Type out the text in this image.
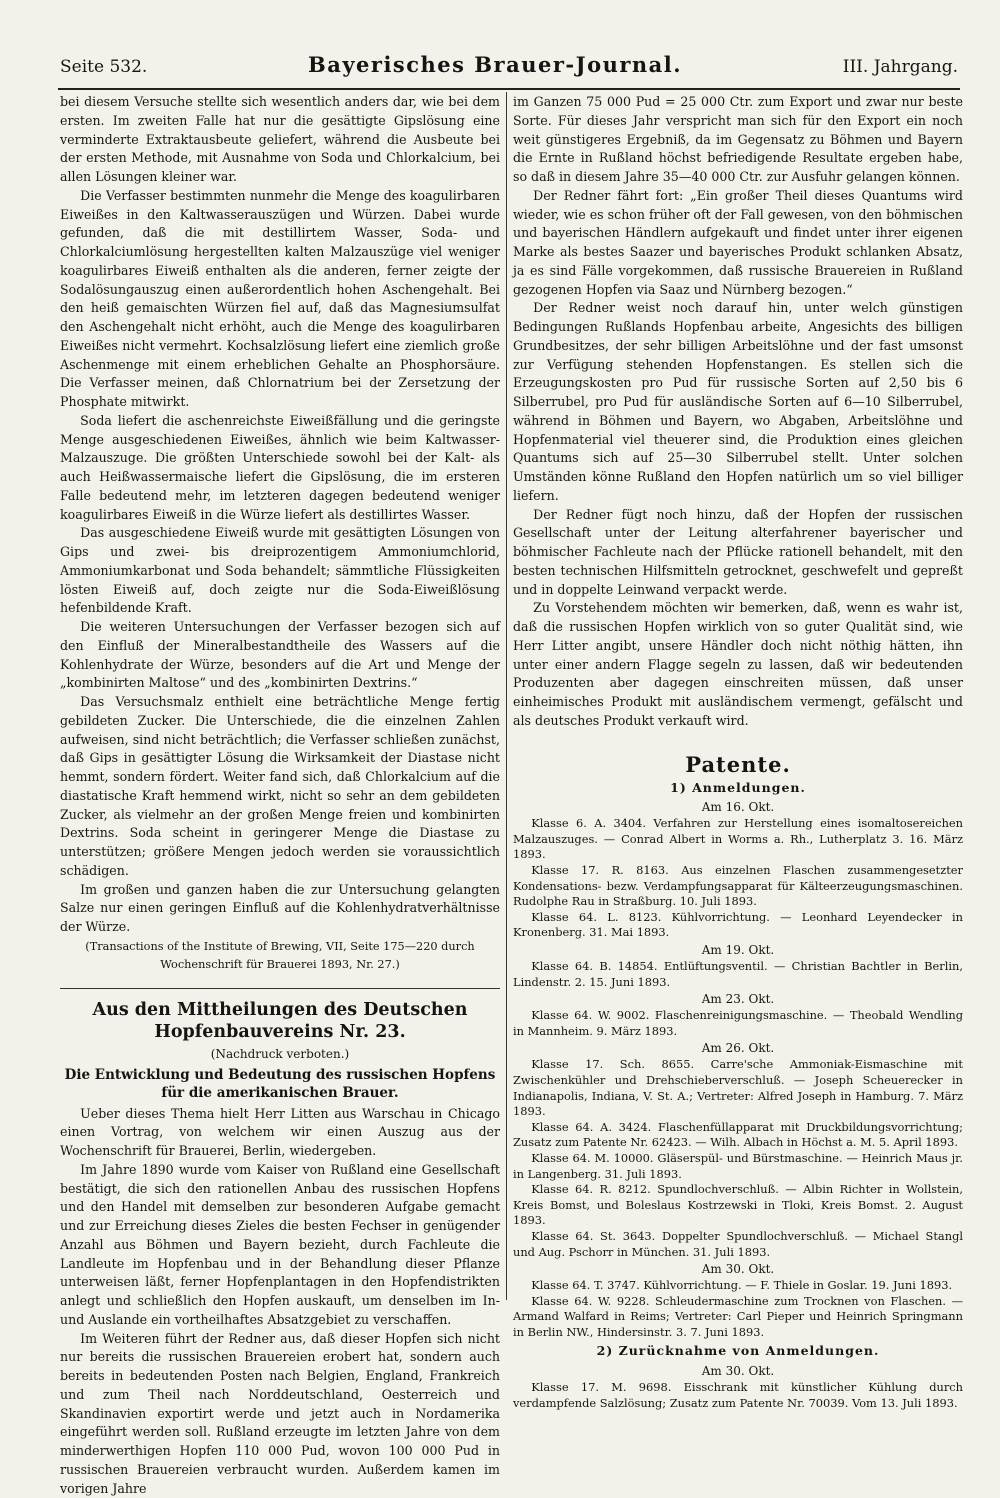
Seite 532.	Bayerisches Brauer-Journal.	III. Jahrgang.

bei diesem Versuche stellte sich wesentlich anders dar, wie bei dem ersten. Im zweiten Falle hat nur die gesättigte Gipslösung eine verminderte Extraktausbeute geliefert, während die Ausbeute bei der ersten Methode, mit Ausnahme von Soda und Chlorkalcium, bei allen Lösungen kleiner war.

Die Verfasser bestimmten nunmehr die Menge des koagulirbaren Eiweißes in den Kaltwasserauszügen und Würzen. Dabei wurde gefunden, daß die mit destillirtem Wasser, Soda- und Chlorkalciumlösung hergestellten kalten Malzauszüge viel weniger koagulirbares Eiweiß enthalten als die anderen, ferner zeigte der Sodalösungauszug einen außerordentlich hohen Aschengehalt. Bei den heiß gemaischten Würzen fiel auf, daß das Magnesiumsulfat den Aschengehalt nicht erhöht, auch die Menge des koagulirbaren Eiweißes nicht vermehrt. Kochsalzlösung liefert eine ziemlich große Aschenmenge mit einem erheblichen Gehalte an Phosphorsäure. Die Verfasser meinen, daß Chlornatrium bei der Zersetzung der Phosphate mitwirkt.

Soda liefert die aschenreichste Eiweißfällung und die geringste Menge ausgeschiedenen Eiweißes, ähnlich wie beim Kaltwasser-Malzauszuge. Die größten Unterschiede sowohl bei der Kalt- als auch Heißwassermaische liefert die Gipslösung, die im ersteren Falle bedeutend mehr, im letzteren dagegen bedeutend weniger koagulirbares Eiweiß in die Würze liefert als destillirtes Wasser.

Das ausgeschiedene Eiweiß wurde mit gesättigten Lösungen von Gips und zwei- bis dreiprozentigem Ammoniumchlorid, Ammoniumkarbonat und Soda behandelt; sämmtliche Flüssigkeiten lösten Eiweiß auf, doch zeigte nur die Soda-Eiweißlösung hefenbildende Kraft.

Die weiteren Untersuchungen der Verfasser bezogen sich auf den Einfluß der Mineralbestandtheile des Wassers auf die Kohlenhydrate der Würze, besonders auf die Art und Menge der „kombinirten Maltose“ und des „kombinirten Dextrins.“

Das Versuchsmalz enthielt eine beträchtliche Menge fertig gebildeten Zucker. Die Unterschiede, die die einzelnen Zahlen aufweisen, sind nicht beträchtlich; die Verfasser schließen zunächst, daß Gips in gesättigter Lösung die Wirksamkeit der Diastase nicht hemmt, sondern fördert. Weiter fand sich, daß Chlorkalcium auf die diastatische Kraft hemmend wirkt, nicht so sehr an dem gebildeten Zucker, als vielmehr an der großen Menge freien und kombinirten Dextrins. Soda scheint in geringerer Menge die Diastase zu unterstützen; größere Mengen jedoch werden sie voraussichtlich schädigen.

Im großen und ganzen haben die zur Untersuchung gelangten Salze nur einen geringen Einfluß auf die Kohlenhydratverhältnisse der Würze.

(Transactions of the Institute of Brewing, VII, Seite 175—220 durch
Wochenschrift für Brauerei 1893, Nr. 27.)
Aus den Mittheilungen des Deutschen Hopfenbauvereins Nr. 23.
(Nachdruck verboten.)
Die Entwicklung und Bedeutung des russischen Hopfens für die amerikanischen Brauer.

Ueber dieses Thema hielt Herr Litten aus Warschau in Chicago einen Vortrag, von welchem wir einen Auszug aus der Wochenschrift für Brauerei, Berlin, wiedergeben.

Im Jahre 1890 wurde vom Kaiser von Rußland eine Gesellschaft bestätigt, die sich den rationellen Anbau des russischen Hopfens und den Handel mit demselben zur besonderen Aufgabe gemacht und zur Erreichung dieses Zieles die besten Fechser in genügender Anzahl aus Böhmen und Bayern bezieht, durch Fachleute die Landleute im Hopfenbau und in der Behandlung dieser Pflanze unterweisen läßt, ferner Hopfenplantagen in den Hopfendistrikten anlegt und schließlich den Hopfen auskauft, um denselben im In- und Auslande ein vortheilhaftes Absatzgebiet zu verschaffen.

Im Weiteren führt der Redner aus, daß dieser Hopfen sich nicht nur bereits die russischen Brauereien erobert hat, sondern auch bereits in bedeutenden Posten nach Belgien, England, Frankreich und zum Theil nach Norddeutschland, Oesterreich und Skandinavien exportirt werde und jetzt auch in Nordamerika eingeführt werden soll. Rußland erzeugte im letzten Jahre von dem minderwerthigen Hopfen 110 000 Pud, wovon 100 000 Pud in russischen Brauereien verbraucht wurden. Außerdem kamen im vorigen Jahre

im Ganzen 75 000 Pud = 25 000 Ctr. zum Export und zwar nur beste Sorte. Für dieses Jahr verspricht man sich für den Export ein noch weit günstigeres Ergebniß, da im Gegensatz zu Böhmen und Bayern die Ernte in Rußland höchst befriedigende Resultate ergeben habe, so daß in diesem Jahre 35—40 000 Ctr. zur Ausfuhr gelangen können.

Der Redner fährt fort: „Ein großer Theil dieses Quantums wird wieder, wie es schon früher oft der Fall gewesen, von den böhmischen und bayerischen Händlern aufgekauft und findet unter ihrer eigenen Marke als bestes Saazer und bayerisches Produkt schlanken Absatz, ja es sind Fälle vorgekommen, daß russische Brauereien in Rußland gezogenen Hopfen via Saaz und Nürnberg bezogen.“

Der Redner weist noch darauf hin, unter welch günstigen Bedingungen Rußlands Hopfenbau arbeite, Angesichts des billigen Grundbesitzes, der sehr billigen Arbeitslöhne und der fast umsonst zur Verfügung stehenden Hopfenstangen. Es stellen sich die Erzeugungskosten pro Pud für russische Sorten auf 2,50 bis 6 Silberrubel, pro Pud für ausländische Sorten auf 6—10 Silberrubel, während in Böhmen und Bayern, wo Abgaben, Arbeitslöhne und Hopfenmaterial viel theuerer sind, die Produktion eines gleichen Quantums sich auf 25—30 Silberrubel stellt. Unter solchen Umständen könne Rußland den Hopfen natürlich um so viel billiger liefern.

Der Redner fügt noch hinzu, daß der Hopfen der russischen Gesellschaft unter der Leitung alterfahrener bayerischer und böhmischer Fachleute nach der Pflücke rationell behandelt, mit den besten technischen Hilfsmitteln getrocknet, geschwefelt und gepreßt und in doppelte Leinwand verpackt werde.

Zu Vorstehendem möchten wir bemerken, daß, wenn es wahr ist, daß die russischen Hopfen wirklich von so guter Qualität sind, wie Herr Litter angibt, unsere Händler doch nicht nöthig hätten, ihn unter einer andern Flagge segeln zu lassen, daß wir bedeutenden Produzenten aber dagegen einschreiten müssen, daß unser einheimisches Produkt mit ausländischem vermengt, gefälscht und als deutsches Produkt verkauft wird.

Patente.
1) Anmeldungen.
Am 16. Okt.

Klasse 6. A. 3404. Verfahren zur Herstellung eines isomaltosereichen Malzauszuges. — Conrad Albert in Worms a. Rh., Lutherplatz 3. 16. März 1893.

Klasse 17. R. 8163. Aus einzelnen Flaschen zusammengesetzter Kondensations- bezw. Verdampfungsapparat für Kälteerzeugungsmaschinen. Rudolphe Rau in Straßburg. 10. Juli 1893.

Klasse 64. L. 8123. Kühlvorrichtung. — Leonhard Leyendecker in Kronenberg. 31. Mai 1893.

Am 19. Okt.

Klasse 64. B. 14854. Entlüftungsventil. — Christian Bachtler in Berlin, Lindenstr. 2. 15. Juni 1893.

Am 23. Okt.

Klasse 64. W. 9002. Flaschenreinigungsmaschine. — Theobald Wendling in Mannheim. 9. März 1893.

Am 26. Okt.

Klasse 17. Sch. 8655. Carre'sche Ammoniak-Eismaschine mit Zwischenkühler und Drehschieberverschluß. — Joseph Scheuerecker in Indianapolis, Indiana, V. St. A.; Vertreter: Alfred Joseph in Hamburg. 7. März 1893.

Klasse 64. A. 3424. Flaschenfüllapparat mit Druckbildungsvorrichtung; Zusatz zum Patente Nr. 62423. — Wilh. Albach in Höchst a. M. 5. April 1893.

Klasse 64. M. 10000. Gläserspül- und Bürstmaschine. — Heinrich Maus jr. in Langenberg. 31. Juli 1893.

Klasse 64. R. 8212. Spundlochverschluß. — Albin Richter in Wollstein, Kreis Bomst, und Boleslaus Kostrzewski in Tloki, Kreis Bomst. 2. August 1893.

Klasse 64. St. 3643. Doppelter Spundlochverschluß. — Michael Stangl und Aug. Pschorr in München. 31. Juli 1893.

Am 30. Okt.

Klasse 64. T. 3747. Kühlvorrichtung. — F. Thiele in Goslar. 19. Juni 1893.

Klasse 64. W. 9228. Schleudermaschine zum Trocknen von Flaschen. — Armand Walfard in Reims; Vertreter: Carl Pieper und Heinrich Springmann in Berlin NW., Hindersinstr. 3. 7. Juni 1893.

2) Zurücknahme von Anmeldungen.
Am 30. Okt.

Klasse 17. M. 9698. Eisschrank mit künstlicher Kühlung durch verdampfende Salzlösung; Zusatz zum Patente Nr. 70039. Vom 13. Juli 1893.
